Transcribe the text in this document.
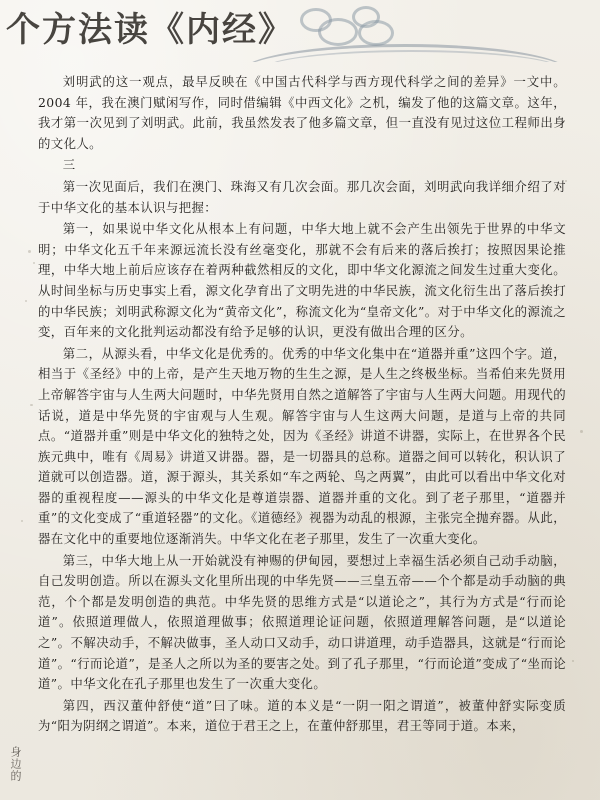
个方法读《内经》

刘明武的这一观点，最早反映在《中国古代科学与西方现代科学之间的差异》一文中。2004 年，我在澳门赋闲写作，同时借编辑《中西文化》之机，编发了他的这篇文章。这年，我才第一次见到了刘明武。此前，我虽然发表了他多篇文章，但一直没有见过这位工程师出身的文化人。

三

第一次见面后，我们在澳门、珠海又有几次会面。那几次会面，刘明武向我详细介绍了对于中华文化的基本认识与把握：

第一，如果说中华文化从根本上有问题，中华大地上就不会产生出领先于世界的中华文明；中华文化五千年来源远流长没有丝毫变化，那就不会有后来的落后挨打；按照因果论推理，中华大地上前后应该存在着两种截然相反的文化，即中华文化源流之间发生过重大变化。从时间坐标与历史事实上看，源文化孕育出了文明先进的中华民族，流文化衍生出了落后挨打的中华民族；刘明武称源文化为“黄帝文化”，称流文化为“皇帝文化”。对于中华文化的源流之变，百年来的文化批判运动都没有给予足够的认识，更没有做出合理的区分。

第二，从源头看，中华文化是优秀的。优秀的中华文化集中在“道器并重”这四个字。道，相当于《圣经》中的上帝，是产生天地万物的生生之源，是人生之终极坐标。当希伯来先贤用上帝解答宇宙与人生两大问题时，中华先贤用自然之道解答了宇宙与人生两大问题。用现代的话说，道是中华先贤的宇宙观与人生观。解答宇宙与人生这两大问题，是道与上帝的共同点。“道器并重”则是中华文化的独特之处，因为《圣经》讲道不讲器，实际上，在世界各个民族元典中，唯有《周易》讲道又讲器。器，是一切器具的总称。道器之间可以转化，积认识了道就可以创造器。道，源于源头，其关系如“车之两轮、鸟之两翼”，由此可以看出中华文化对器的重视程度——源头的中华文化是尊道崇器、道器并重的文化。到了老子那里，“道器并重”的文化变成了“重道轻器”的文化。《道德经》视器为动乱的根源，主张完全抛弃器。从此，器在文化中的重要地位逐渐消失。中华文化在老子那里，发生了一次重大变化。

第三，中华大地上从一开始就没有神赐的伊甸园，要想过上幸福生活必须自己动手动脑，自己发明创造。所以在源头文化里所出现的中华先贤——三皇五帝——个个都是动手动脑的典范，个个都是发明创造的典范。中华先贤的思维方式是“以道论之”，其行为方式是“行而论道”。依照道理做人，依照道理做事；依照道理论证问题，依照道理解答问题，是“以道论之”。不解决动手，不解决做事，圣人动口又动手，动口讲道理，动手造器具，这就是“行而论道”。“行而论道”，是圣人之所以为圣的要害之处。到了孔子那里，“行而论道”变成了“坐而论道”。中华文化在孔子那里也发生了一次重大变化。

第四，西汉董仲舒使“道”曰了味。道的本义是“一阴一阳之谓道”，被董仲舒实际变质为“阳为阴纲之谓道”。本来，道位于君王之上，在董仲舒那里，君王等同于道。本来，

身边的
